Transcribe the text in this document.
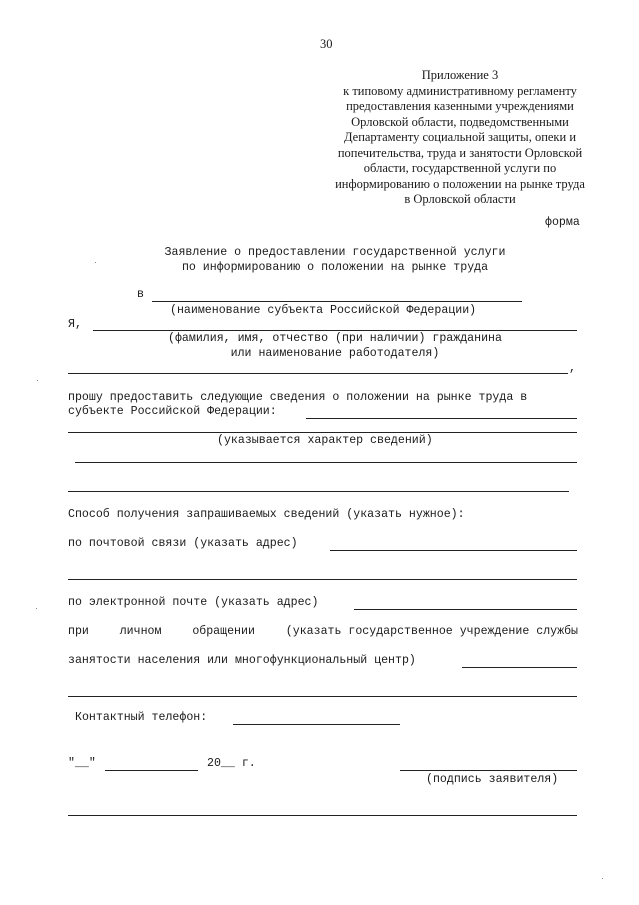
30
Приложение 3
к типовому административному регламенту
предоставления казенными учреждениями
Орловской области, подведомственными
Департаменту социальной защиты, опеки и
попечительства, труда и занятости Орловской
области, государственной услуги по
информированию о положении на рынке труда
в Орловской области
форма
Заявление о предоставлении государственной услуги
по информированию о положении на рынке труда
в
(наименование субъекта Российской Федерации)
Я,
(фамилия, имя, отчество (при наличии) гражданина
или наименование работодателя)
,
прошу предоставить следующие сведения о положении на рынке труда в
субъекте Российской Федерации:
(указывается характер сведений)
Способ получения запрашиваемых сведений (указать нужное):
по почтовой связи (указать адрес)
по электронной почте (указать адрес)
при	личном	обращении	(указать государственное учреждение службы
занятости населения или многофункциональный центр)
Контактный телефон:
"__"	20__ г.
(подпись заявителя)
